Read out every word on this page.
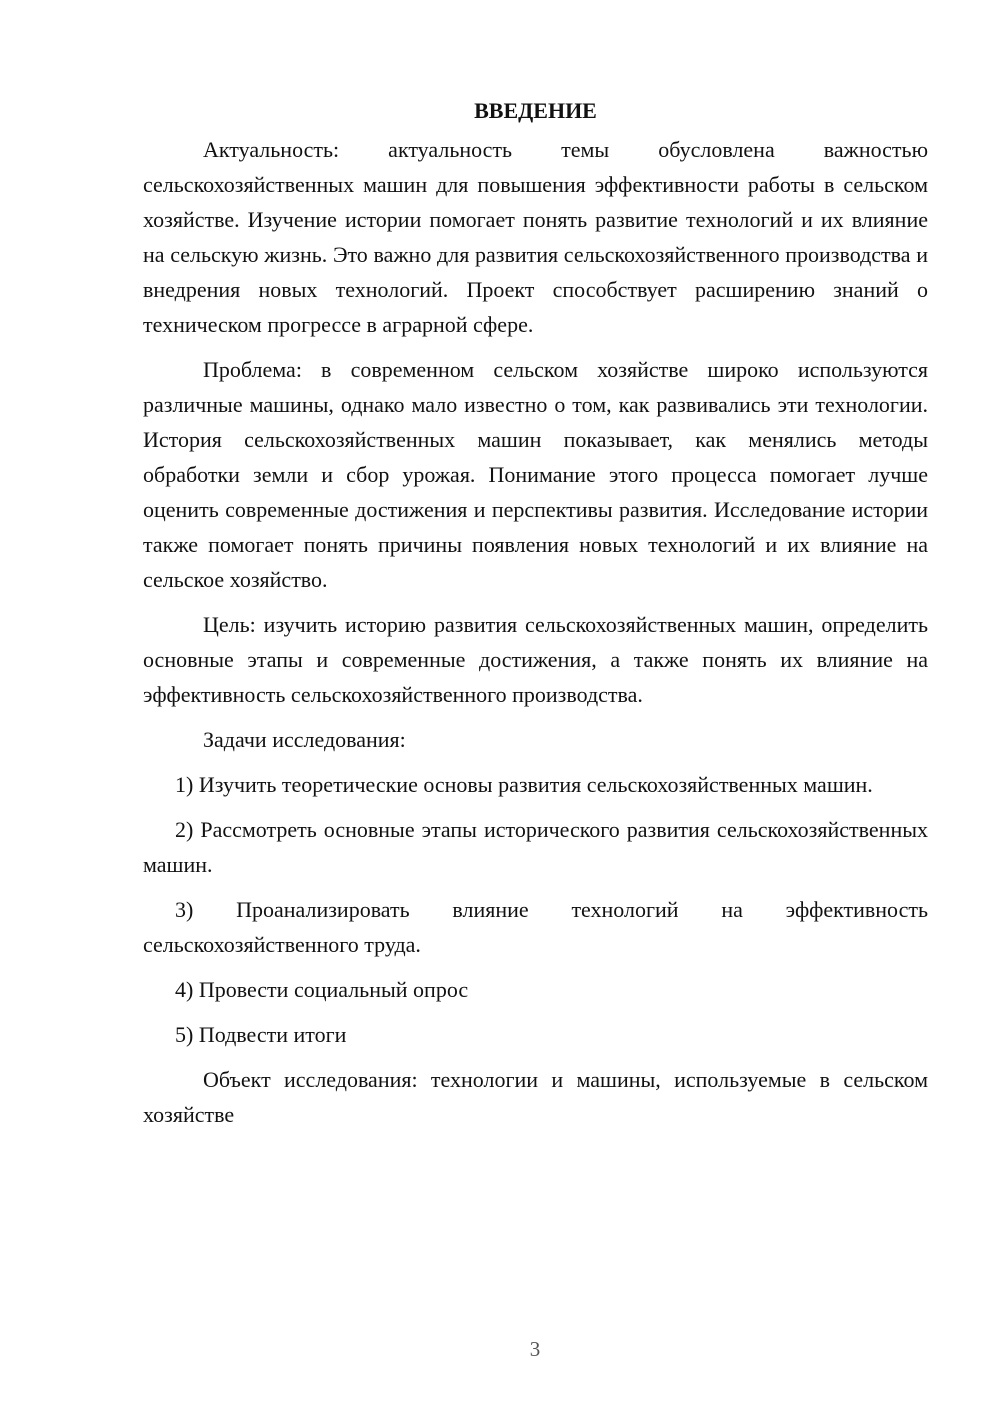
ВВЕДЕНИЕ

Актуальность: актуальность темы обусловлена важностью сельскохозяйственных машин для повышения эффективности работы в сельском хозяйстве. Изучение истории помогает понять развитие технологий и их влияние на сельскую жизнь. Это важно для развития сельскохозяйственного производства и внедрения новых технологий. Проект способствует расширению знаний о техническом прогрессе в аграрной сфере.

Проблема: в современном сельском хозяйстве широко используются различные машины, однако мало известно о том, как развивались эти технологии. История сельскохозяйственных машин показывает, как менялись методы обработки земли и сбор урожая. Понимание этого процесса помогает лучше оценить современные достижения и перспективы развития. Исследование истории также помогает понять причины появления новых технологий и их влияние на сельское хозяйство.

Цель: изучить историю развития сельскохозяйственных машин, определить основные этапы и современные достижения, а также понять их влияние на эффективность сельскохозяйственного производства.

Задачи исследования:

1) Изучить теоретические основы развития сельскохозяйственных машин.

2) Рассмотреть основные этапы исторического развития сельскохозяйственных машин.

3) Проанализировать влияние технологий на эффективность сельскохозяйственного труда.

4) Провести социальный опрос

5) Подвести итоги

Объект исследования: технологии и машины, используемые в сельском хозяйстве

3
